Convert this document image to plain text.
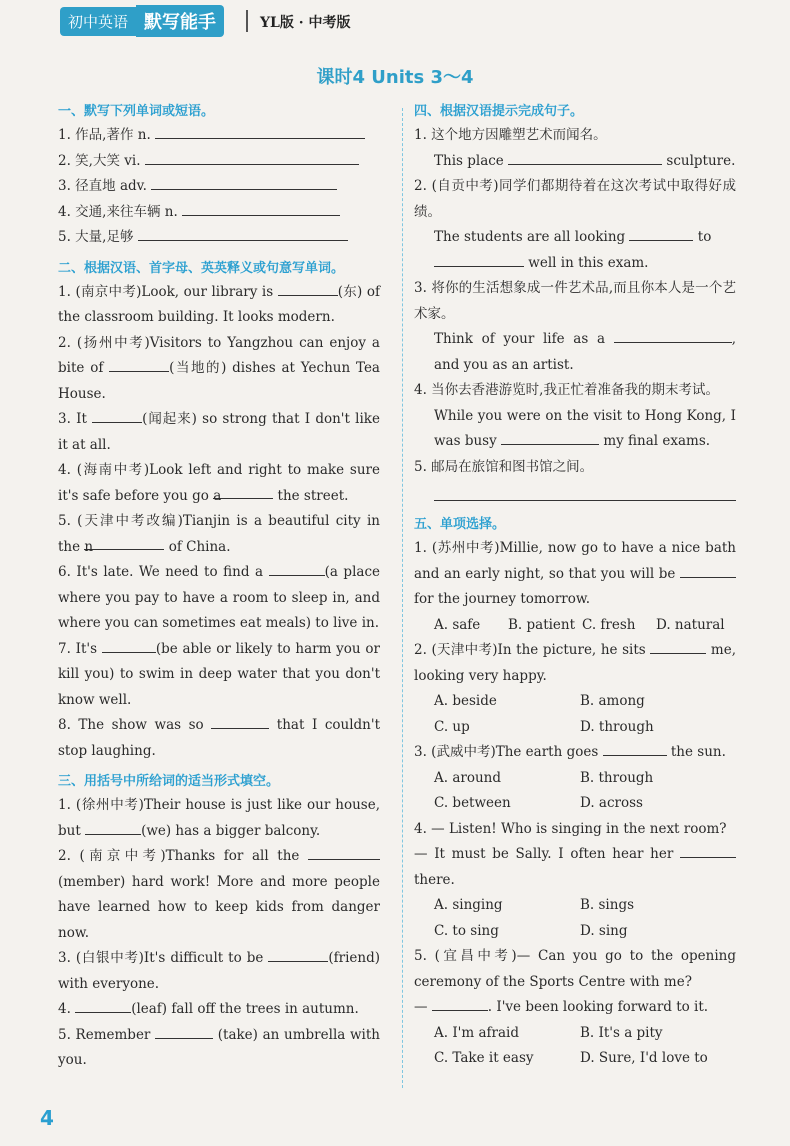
初中英语 默写能手	YL版 · 中考版
课时4 Units 3～4
一、默写下列单词或短语。
1. 作品,著作 n.
2. 笑,大笑 vi.
3. 径直地 adv.
4. 交通,来往车辆 n.
5. 大量,足够
二、根据汉语、首字母、英英释义或句意写单词。
1. (南京中考)Look, our library is	(东) of the classroom building. It looks modern.
2. (扬州中考)Visitors to Yangzhou can enjoy a bite of	(当地的) dishes at Yechun Tea House.
3. It	(闻起来) so strong that I don't like it at all.
4. (海南中考)Look left and right to make sure it's safe before you go a	the street.
5. (天津中考改编)Tianjin is a beautiful city in the n	of China.
6. It's late. We need to find a	(a place where you pay to have a room to sleep in, and where you can sometimes eat meals) to live in.
7. It's	(be able or likely to harm you or kill you) to swim in deep water that you don't know well.
8. The show was so	that I couldn't stop laughing.
三、用括号中所给词的适当形式填空。
1. (徐州中考)Their house is just like our house, but	(we) has a bigger balcony.
2. (南京中考)Thanks for all the (member) hard work! More and more people have learned how to keep kids from danger now.
3. (白银中考)It's difficult to be	(friend) with everyone.
4.	(leaf) fall off the trees in autumn.
5. Remember	(take) an umbrella with you.
四、根据汉语提示完成句子。
1. 这个地方因雕塑艺术而闻名。
This place	sculpture.
2. (自贡中考)同学们都期待着在这次考试中取得好成绩。
The students are all looking	to
well in this exam.
3. 将你的生活想象成一件艺术品,而且你本人是一个艺术家。
Think of your life as a	, and you as an artist.
4. 当你去香港游览时,我正忙着准备我的期末考试。
While you were on the visit to Hong Kong, I was busy	my final exams.
5. 邮局在旅馆和图书馆之间。
五、单项选择。
1. (苏州中考)Millie, now go to have a nice bath and an early night, so that you will be  for the journey tomorrow.
A. safe	B. patient C. fresh	D. natural
2. (天津中考)In the picture, he sits	me, looking very happy.
A. beside	B. among
C. up	D. through
3. (武威中考)The earth goes	the sun.
A. around	B. through
C. between	D. across
4. — Listen! Who is singing in the next room?
— It must be Sally. I often hear her  there.
A. singing	B. sings
C. to sing	D. sing
5. (宜昌中考)— Can you go to the opening ceremony of the Sports Centre with me?
—	. I've been looking forward to it.
A. I'm afraid	B. It's a pity
C. Take it easy	D. Sure, I'd love to
4
